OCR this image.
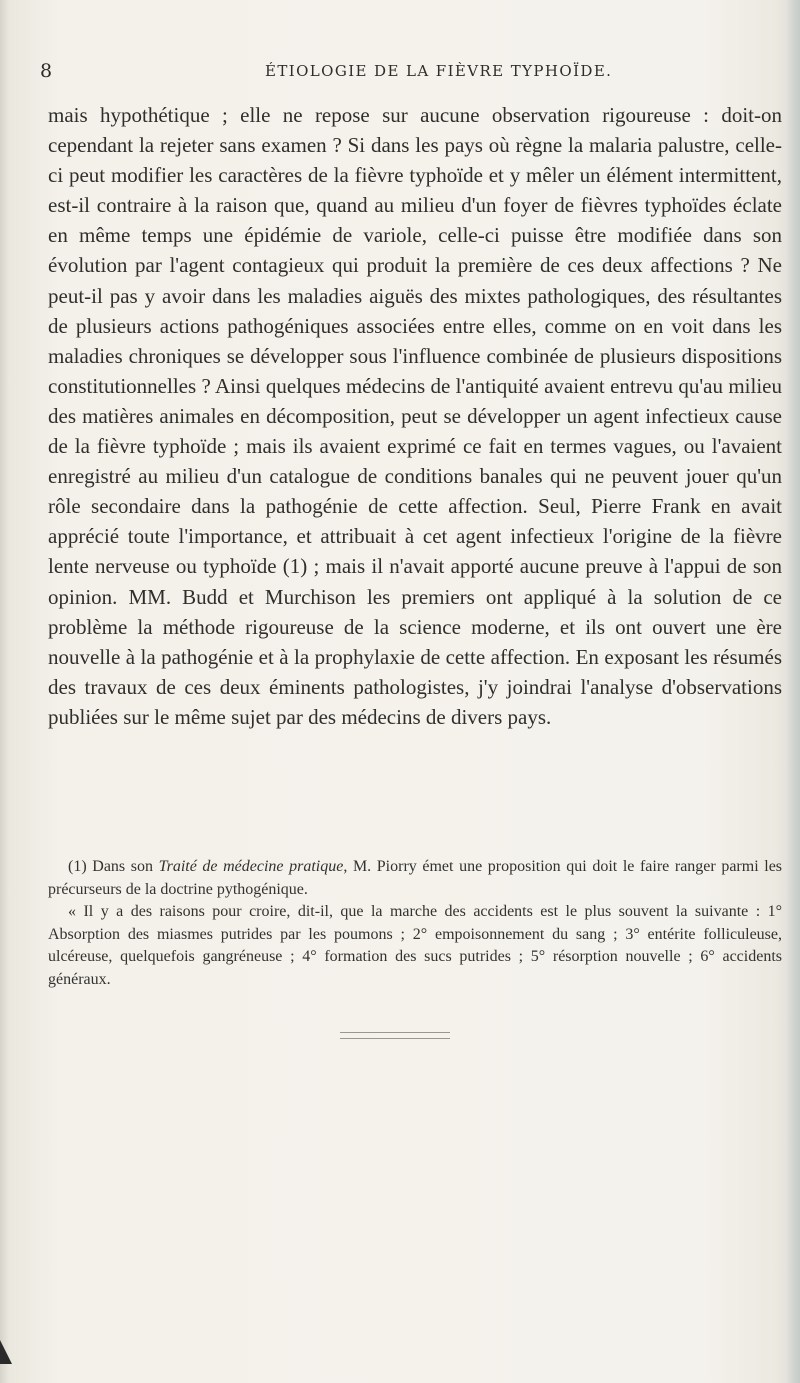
8	ÉTIOLOGIE DE LA FIÈVRE TYPHOÏDE.

mais hypothétique ; elle ne repose sur aucune observation rigoureuse : doit-on cependant la rejeter sans examen ? Si dans les pays où règne la malaria palustre, celle-ci peut modifier les caractères de la fièvre typhoïde et y mêler un élément intermittent, est-il contraire à la raison que, quand au milieu d'un foyer de fièvres typhoïdes éclate en même temps une épidémie de variole, celle-ci puisse être modifiée dans son évolution par l'agent contagieux qui produit la première de ces deux affections ? Ne peut-il pas y avoir dans les maladies aiguës des mixtes pathologiques, des résultantes de plusieurs actions pathogéniques associées entre elles, comme on en voit dans les maladies chroniques se développer sous l'influence combinée de plusieurs dispositions constitutionnelles ? Ainsi quelques médecins de l'antiquité avaient entrevu qu'au milieu des matières animales en décomposition, peut se développer un agent infectieux cause de la fièvre typhoïde ; mais ils avaient exprimé ce fait en termes vagues, ou l'avaient enregistré au milieu d'un catalogue de conditions banales qui ne peuvent jouer qu'un rôle secondaire dans la pathogénie de cette affection. Seul, Pierre Frank en avait apprécié toute l'importance, et attribuait à cet agent infectieux l'origine de la fièvre lente nerveuse ou typhoïde (1) ; mais il n'avait apporté aucune preuve à l'appui de son opinion. MM. Budd et Murchison les premiers ont appliqué à la solution de ce problème la méthode rigoureuse de la science moderne, et ils ont ouvert une ère nouvelle à la pathogénie et à la prophylaxie de cette affection. En exposant les résumés des travaux de ces deux éminents pathologistes, j'y joindrai l'analyse d'observations publiées sur le même sujet par des médecins de divers pays.

(1) Dans son Traité de médecine pratique, M. Piorry émet une proposition qui doit le faire ranger parmi les précurseurs de la doctrine pythogénique.

« Il y a des raisons pour croire, dit-il, que la marche des accidents est le plus souvent la suivante : 1° Absorption des miasmes putrides par les poumons ; 2° empoisonnement du sang ; 3° entérite folliculeuse, ulcéreuse, quelquefois gangréneuse ; 4° formation des sucs putrides ; 5° résorption nouvelle ; 6° accidents généraux.
